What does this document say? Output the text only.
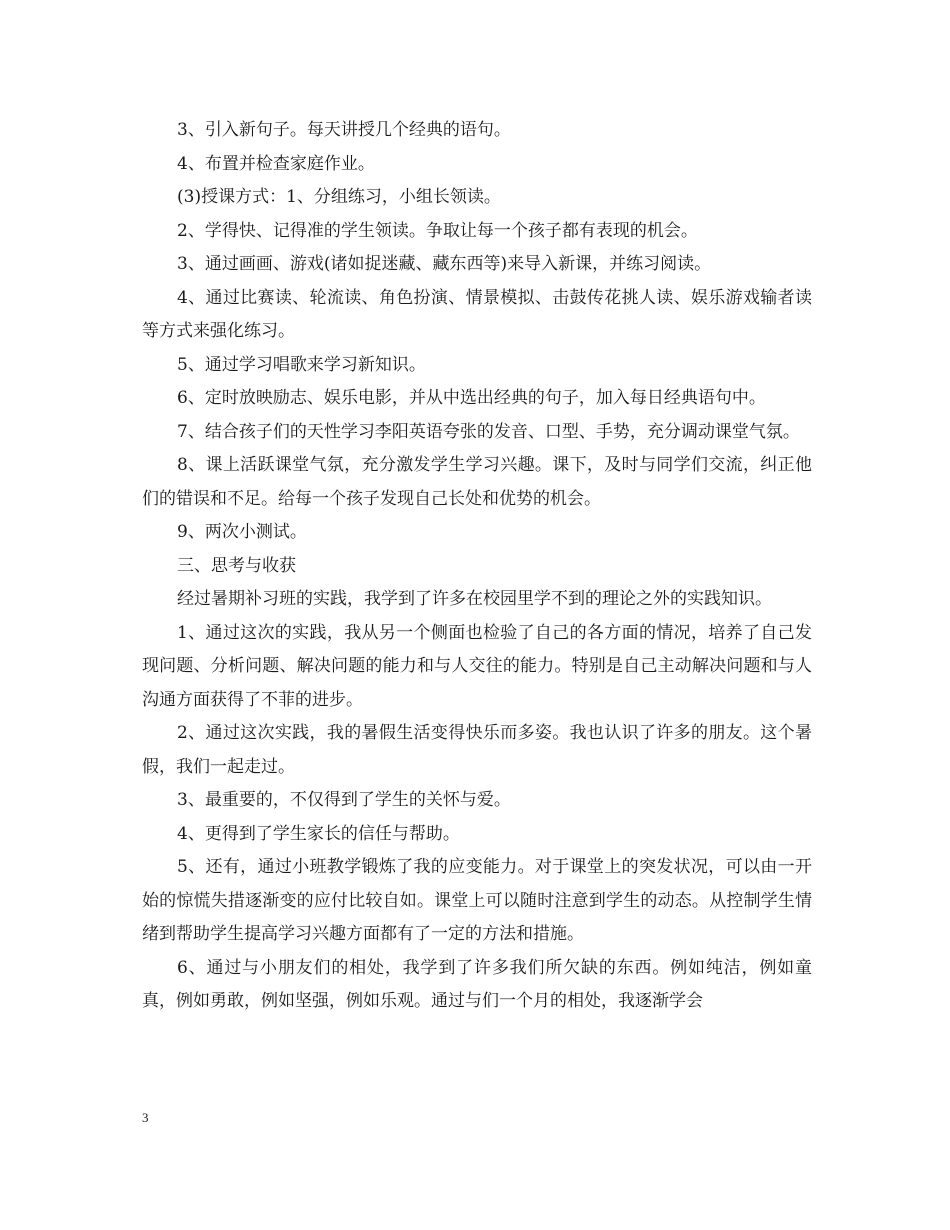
3、引入新句子。每天讲授几个经典的语句。

4、布置并检查家庭作业。

(3)授课方式：1、分组练习，小组长领读。

2、学得快、记得准的学生领读。争取让每一个孩子都有表现的机会。

3、通过画画、游戏(诸如捉迷藏、藏东西等)来导入新课，并练习阅读。

4、通过比赛读、轮流读、角色扮演、情景模拟、击鼓传花挑人读、娱乐游戏输者读等方式来强化练习。

5、通过学习唱歌来学习新知识。

6、定时放映励志、娱乐电影，并从中选出经典的句子，加入每日经典语句中。

7、结合孩子们的天性学习李阳英语夸张的发音、口型、手势，充分调动课堂气氛。

8、课上活跃课堂气氛，充分激发学生学习兴趣。课下，及时与同学们交流，纠正他们的错误和不足。给每一个孩子发现自己长处和优势的机会。

9、两次小测试。

三、思考与收获

经过暑期补习班的实践，我学到了许多在校园里学不到的理论之外的实践知识。

1、通过这次的实践，我从另一个侧面也检验了自己的各方面的情况，培养了自己发现问题、分析问题、解决问题的能力和与人交往的能力。特别是自己主动解决问题和与人沟通方面获得了不菲的进步。

2、通过这次实践，我的暑假生活变得快乐而多姿。我也认识了许多的朋友。这个暑假，我们一起走过。

3、最重要的，不仅得到了学生的关怀与爱。

4、更得到了学生家长的信任与帮助。

5、还有，通过小班教学锻炼了我的应变能力。对于课堂上的突发状况，可以由一开始的惊慌失措逐渐变的应付比较自如。课堂上可以随时注意到学生的动态。从控制学生情绪到帮助学生提高学习兴趣方面都有了一定的方法和措施。

6、通过与小朋友们的相处，我学到了许多我们所欠缺的东西。例如纯洁，例如童真，例如勇敢，例如坚强，例如乐观。通过与们一个月的相处，我逐渐学会

3
